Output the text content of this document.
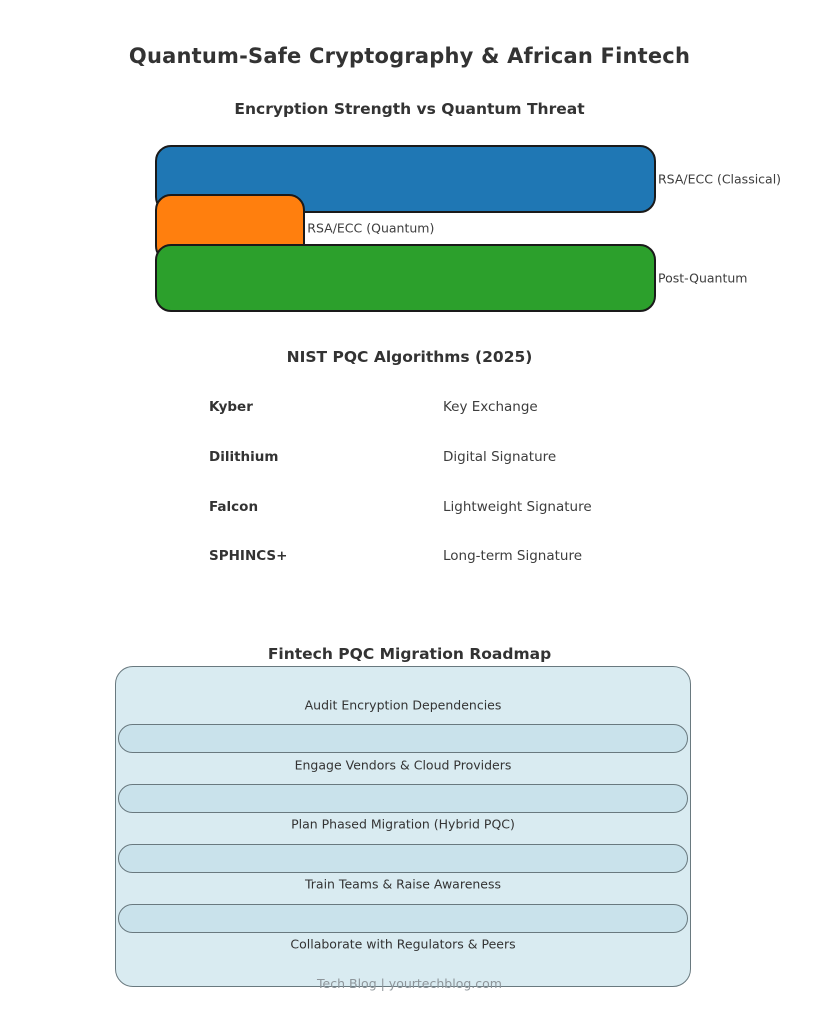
Quantum-Safe Cryptography & African Fintech
Encryption Strength vs Quantum Threat
RSA/ECC (Classical)
RSA/ECC (Quantum)
Post-Quantum
NIST PQC Algorithms (2025)
Kyber	Key Exchange
Dilithium	Digital Signature
Falcon	Lightweight Signature
SPHINCS+	Long-term Signature
Fintech PQC Migration Roadmap
Audit Encryption Dependencies
Engage Vendors & Cloud Providers
Plan Phased Migration (Hybrid PQC)
Train Teams & Raise Awareness
Collaborate with Regulators & Peers
Tech Blog | yourtechblog.com
